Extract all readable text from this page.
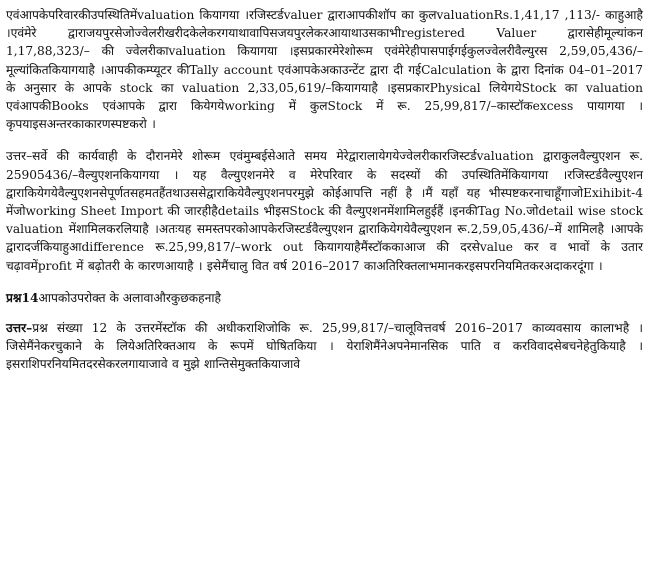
एवंआपकेपरिवारकीउपस्थितिमेंvaluation कियागया ।रजिस्टर्डvaluer द्वाराआपकीशॉप का कुलvaluationRs.1,41,17 ,113/- काहुआहै ।एवंमेरे द्वाराजयपुरसेजोज्वेलरीखरीदकेलेकरगयाथावापिसजयपुरलेकरआयाथाउसकाभीregistered Valuer द्वारासेहीमूल्यांकन 1,17,88,323/– की ज्वेलरीकाvaluation कियागया ।इसप्रकारमेरेशोरूम एवंमेरेहीपासपाईगईकुलज्वेलरीवैल्युरस 2,59,05,436/–मूल्यांकितकियागयाहै ।आपकीकम्प्यूटर कीTally account एवंआपकेअकाउन्टेंट द्वारा दी गईCalculation के द्वारा दिनांक 04–01–2017 के अनुसार के आपके stock का valuation 2,33,05,619/–कियागयाहै ।इसप्रकारPhysical लियेगयेStock का valuation एवंआपकीBooks एवंआपके द्वारा कियेगयेworking में कुलStock में रू. 25,99,817/–कास्टॉकexcess पायागया ।कृपयाइसअन्तरकाकारणस्पष्टकरो ।

उत्तर–सर्वे की कार्यवाही के दौरानमेरे शोरूम एवंमुम्बईसेआते समय मेरेद्वारालायेगयेज्वेलरीकारजिस्टर्डvaluation द्वाराकुलवैल्युएशन रू. 25905436/–वैल्युएशनकियागया । यह वैल्युएशनमेरे व मेरेपरिवार के सदस्यों की उपस्थितिमेंकियागया ।रजिस्टर्डवैल्युएशन द्वाराकियेगयेवैल्युएशनसेपूर्णतसहमतहैंतथाउससेद्वाराकियेवैल्युएशनपरमुझे कोईआपत्ति नहीं है ।मैं यहाँ यह भीस्पष्टकरनाचाहूँगाजोExihibit-4 मेंजोworking Sheet Import की जारहीहैdetails भीइसStock की वैल्युएशनमेंशामिलहुईहैं ।इनकीTag No.जोdetail wise stock valuation मेंशामिलकरलियाहै ।अतःयह समस्तपरकोआपकेरजिस्टर्डवैल्युएशन द्वाराकियेगयेवैल्युएशन रू.2,59,05,436/–में शामिलहै ।आपके द्वारादर्जकियाहुआdifference रू.25,99,817/–work out कियागयाहैमैंस्टॉककाआज की दरसेvalue कर व भावों के उतार चढ़ावमेंprofit में बढ़ोतरी के कारणआयाहै । इसेमैंचालु वित वर्ष 2016–2017 काअतिरिक्तलाभमानकरइसपरनियमितकरअदाकरदूंगा ।

प्रश्न14आपकोउपरोक्त के अलावाऔरकुछकहनाहै

उत्तर–प्रश्न संख्या 12 के उत्तरमेंस्टॉक की अधीकराशिजोकि रू. 25,99,817/–चालूवित्तवर्ष 2016–2017 काव्यवसाय कालाभहै ।जिसेमैंनेकरचुकाने के लियेअतिरिक्तआय के रूपमें घोषितकिया । येराशिमैंनेअपनेमानसिक पाति व करविवादसेबचनेहेतुकियाहै ।इसराशिपरनियमितदरसेकरलगायाजावे व मुझे शान्तिसेमुक्तकियाजावे
